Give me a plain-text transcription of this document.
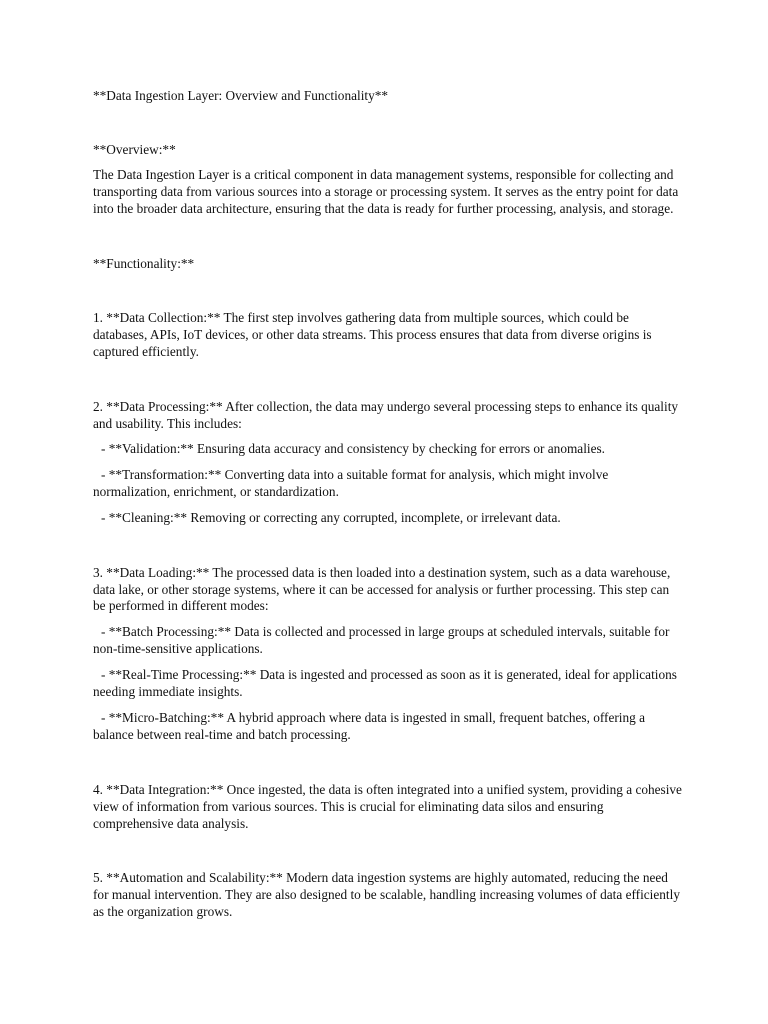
**Data Ingestion Layer: Overview and Functionality**

**Overview:**

The Data Ingestion Layer is a critical component in data management systems, responsible for collecting and transporting data from various sources into a storage or processing system. It serves as the entry point for data into the broader data architecture, ensuring that the data is ready for further processing, analysis, and storage.

**Functionality:**

1. **Data Collection:** The first step involves gathering data from multiple sources, which could be databases, APIs, IoT devices, or other data streams. This process ensures that data from diverse origins is captured efficiently.

2. **Data Processing:** After collection, the data may undergo several processing steps to enhance its quality and usability. This includes:

- **Validation:** Ensuring data accuracy and consistency by checking for errors or anomalies.

- **Transformation:** Converting data into a suitable format for analysis, which might involve normalization, enrichment, or standardization.

- **Cleaning:** Removing or correcting any corrupted, incomplete, or irrelevant data.

3. **Data Loading:** The processed data is then loaded into a destination system, such as a data warehouse, data lake, or other storage systems, where it can be accessed for analysis or further processing. This step can be performed in different modes:

- **Batch Processing:** Data is collected and processed in large groups at scheduled intervals, suitable for non-time-sensitive applications.

- **Real-Time Processing:** Data is ingested and processed as soon as it is generated, ideal for applications needing immediate insights.

- **Micro-Batching:** A hybrid approach where data is ingested in small, frequent batches, offering a balance between real-time and batch processing.

4. **Data Integration:** Once ingested, the data is often integrated into a unified system, providing a cohesive view of information from various sources. This is crucial for eliminating data silos and ensuring comprehensive data analysis.

5. **Automation and Scalability:** Modern data ingestion systems are highly automated, reducing the need for manual intervention. They are also designed to be scalable, handling increasing volumes of data efficiently as the organization grows.
